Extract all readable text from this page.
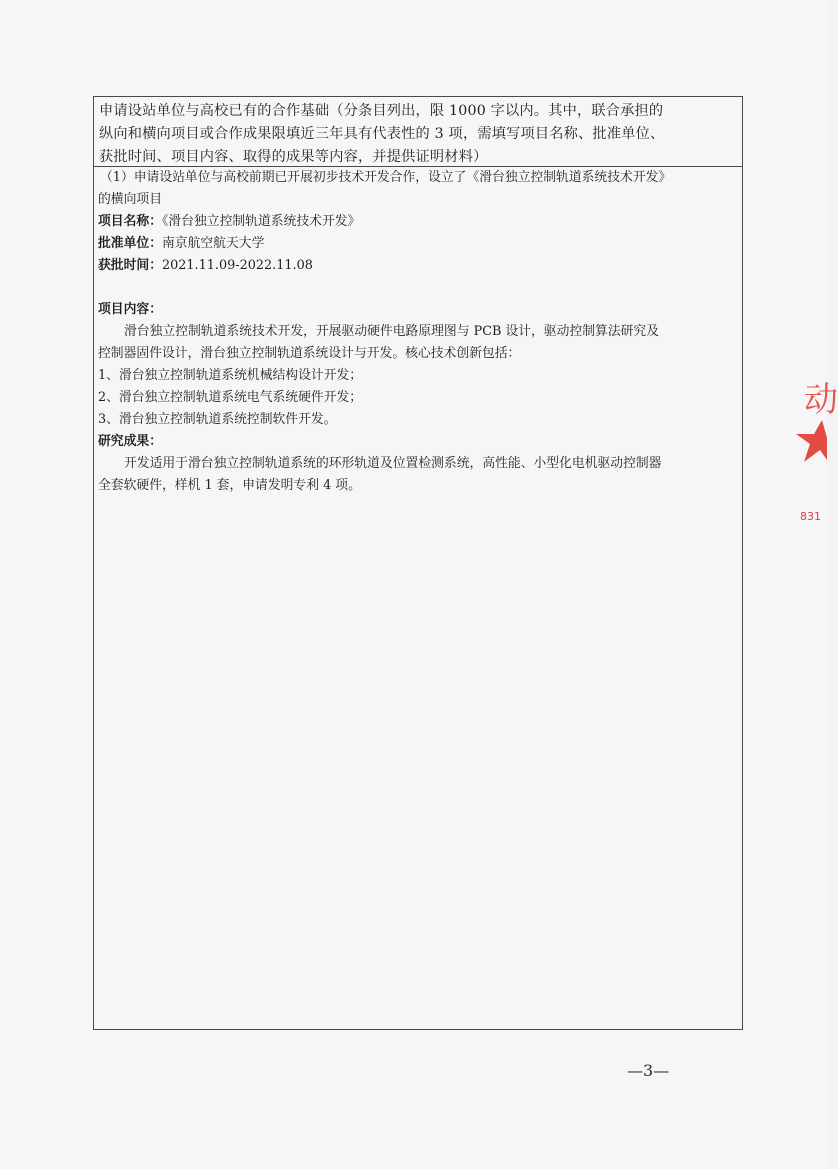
申请设站单位与高校已有的合作基础（分条目列出，限 1000 字以内。其中，联合承担的
纵向和横向项目或合作成果限填近三年具有代表性的 3 项，需填写项目名称、批准单位、
获批时间、项目内容、取得的成果等内容，并提供证明材料）
（1）申请设站单位与高校前期已开展初步技术开发合作，设立了《滑台独立控制轨道系统技术开发》
的横向项目
项目名称：《滑台独立控制轨道系统技术开发》
批准单位：南京航空航天大学
获批时间：2021.11.09-2022.11.08
项目内容：
滑台独立控制轨道系统技术开发，开展驱动硬件电路原理图与 PCB 设计，驱动控制算法研究及
控制器固件设计，滑台独立控制轨道系统设计与开发。核心技术创新包括：
1、滑台独立控制轨道系统机械结构设计开发；
2、滑台独立控制轨道系统电气系统硬件开发；
3、滑台独立控制轨道系统控制软件开发。
研究成果：
开发适用于滑台独立控制轨道系统的环形轨道及位置检测系统，高性能、小型化电机驱动控制器
全套软硬件，样机 1 套，申请发明专利 4 项。
动
831
—3—
